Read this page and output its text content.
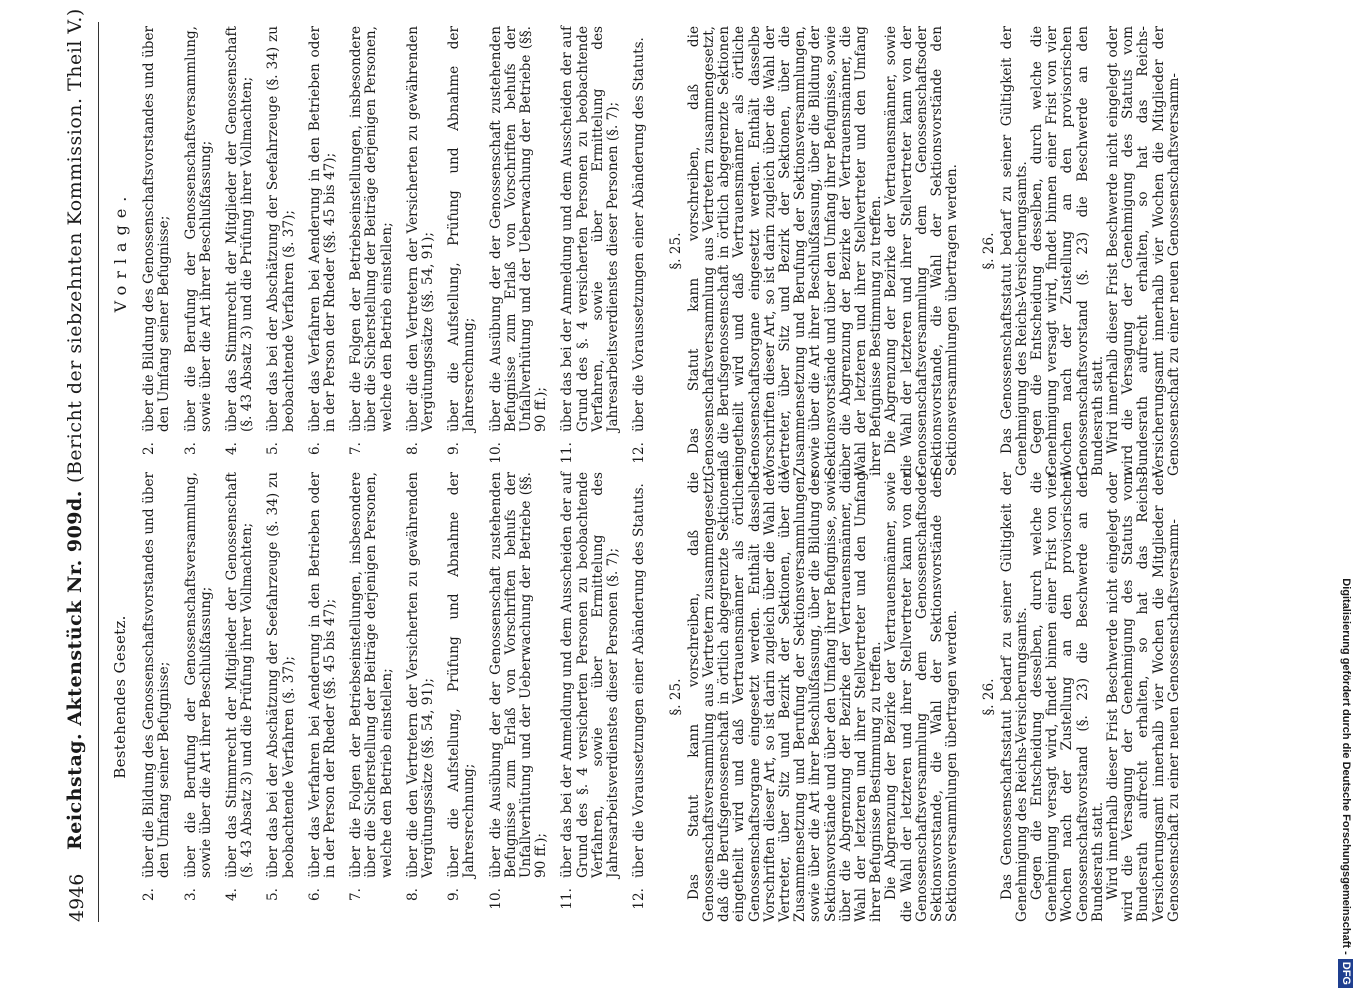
4946
Reichstag. Aktenstück Nr. 909d. (Bericht der siebzehnten Kommission. Theil V.)
Bestehendes Gesetz.
2.
über die Bildung des Genossenschaftsvorstandes und über den Umfang seiner Befugnisse;
3.
über die Berufung der Genossenschaftsversammlung, sowie über die Art ihrer Beschlußfassung;
4.
über das Stimmrecht der Mitglieder der Genossenschaft (§. 43 Absatz 3) und die Prüfung ihrer Vollmachten;
5.
über das bei der Abschätzung der Seefahrzeuge (§. 34) zu beobachtende Verfahren (§. 37);
6.
über das Verfahren bei Aenderung in den Betrieben oder in der Person der Rheder (§§. 45 bis 47);
7.
über die Folgen der Betriebseinstellungen, insbesondere über die Sicherstellung der Beiträge derjenigen Personen, welche den Betrieb einstellen;
8.
über die den Vertretern der Versicherten zu gewährenden Vergütungssätze (§§. 54, 91);
9.
über die Aufstellung, Prüfung und Abnahme der Jahresrechnung;
10.
über die Ausübung der der Genossenschaft zustehenden Befugnisse zum Erlaß von Vorschriften behufs der Unfallverhütung und der Ueberwachung der Betriebe (§§. 90 ff.);
11.
über das bei der Anmeldung und dem Ausscheiden der auf Grund des §. 4 versicherten Personen zu beobachtende Verfahren, sowie über Ermittelung des Jahresarbeitsverdienstes dieser Personen (§. 7);
12.
über die Voraussetzungen einer Abänderung des Statuts. §. 25. Das Statut kann vorschreiben, daß die Genossenschaftsversammlung aus Vertretern zusammengesetzt, daß die Berufsgenossenschaft in örtlich abgegrenzte Sektionen eingetheilt wird und daß Vertrauensmänner als örtliche Genossenschaftsorgane eingesetzt werden. Enthält dasselbe Vorschriften dieser Art, so ist darin zugleich über die Wahl der Vertreter, über Sitz und Bezirk der Sektionen, über die Zusammensetzung und Berufung der Sektionsversammlungen, sowie über die Art ihrer Beschlußfassung, über die Bildung der Sektionsvorstände und über den Umfang ihrer Befugnisse, sowie über die Abgrenzung der Bezirke der Vertrauensmänner, die Wahl der letzteren und ihrer Stellvertreter und den Umfang ihrer Befugnisse Bestimmung zu treffen. Die Abgrenzung der Bezirke der Vertrauensmänner, sowie die Wahl der letzteren und ihrer Stellvertreter kann von der Genossenschaftsversammlung dem Genossenschaftsoder Sektionsvorstande, die Wahl der Sektionsvorstände den Sektionsversammlungen übertragen werden. §. 26. Das Genossenschaftsstatut bedarf zu seiner Gültigkeit der Genehmigung des Reichs-Versicherungsamts. Gegen die Entscheidung desselben, durch welche die Genehmigung versagt wird, findet binnen einer Frist von vier Wochen nach der Zustellung an den provisorischen Genossenschaftsvorstand (§. 23) die Beschwerde an den Bundesrath statt. Wird innerhalb dieser Frist Beschwerde nicht eingelegt oder wird die Versagung der Genehmigung des Statuts vom Bundesrath aufrecht erhalten, so hat das Reichs-Versicherungsamt innerhalb vier Wochen die Mitglieder der Genossenschaft zu einer neuen Genossenschaftsversamm-

Vorlage.
2.
über die Bildung des Genossenschaftsvorstandes und über den Umfang seiner Befugnisse;
3.
über die Berufung der Genossenschaftsversammlung, sowie über die Art ihrer Beschlußfassung;
4.
über das Stimmrecht der Mitglieder der Genossenschaft (§. 43 Absatz 3) und die Prüfung ihrer Vollmachten;
5.
über das bei der Abschätzung der Seefahrzeuge (§. 34) zu beobachtende Verfahren (§. 37);
6.
über das Verfahren bei Aenderung in den Betrieben oder in der Person der Rheder (§§. 45 bis 47);
7.
über die Folgen der Betriebseinstellungen, insbesondere über die Sicherstellung der Beiträge derjenigen Personen, welche den Betrieb einstellen;
8.
über die den Vertretern der Versicherten zu gewährenden Vergütungssätze (§§. 54, 91);
9.
über die Aufstellung, Prüfung und Abnahme der Jahresrechnung;
10.
über die Ausübung der der Genossenschaft zustehenden Befugnisse zum Erlaß von Vorschriften behufs der Unfallverhütung und der Ueberwachung der Betriebe (§§. 90 ff.);
11.
über das bei der Anmeldung und dem Ausscheiden der auf Grund des §. 4 versicherten Personen zu beobachtende Verfahren, sowie über Ermittelung des Jahresarbeitsverdienstes dieser Personen (§. 7);
12.
über die Voraussetzungen einer Abänderung des Statuts. §. 25. Das Statut kann vorschreiben, daß die Genossenschaftsversammlung aus Vertretern zusammengesetzt, daß die Berufsgenossenschaft in örtlich abgegrenzte Sektionen eingetheilt wird und daß Vertrauensmänner als örtliche Genossenschaftsorgane eingesetzt werden. Enthält dasselbe Vorschriften dieser Art, so ist darin zugleich über die Wahl der Vertreter, über Sitz und Bezirk der Sektionen, über die Zusammensetzung und Berufung der Sektionsversammlungen, sowie über die Art ihrer Beschlußfassung, über die Bildung der Sektionsvorstände und über den Umfang ihrer Befugnisse, sowie über die Abgrenzung der Bezirke der Vertrauensmänner, die Wahl der letzteren und ihrer Stellvertreter und den Umfang ihrer Befugnisse Bestimmung zu treffen. Die Abgrenzung der Bezirke der Vertrauensmänner, sowie die Wahl der letzteren und ihrer Stellvertreter kann von der Genossenschaftsversammlung dem Genossenschaftsoder Sektionsvorstande, die Wahl der Sektionsvorstände den Sektionsversammlungen übertragen werden. §. 26. Das Genossenschaftsstatut bedarf zu seiner Gültigkeit der Genehmigung des Reichs-Versicherungsamts. Gegen die Entscheidung desselben, durch welche die Genehmigung versagt wird, findet binnen einer Frist von vier Wochen nach der Zustellung an den provisorischen Genossenschaftsvorstand (§. 23) die Beschwerde an den Bundesrath statt. Wird innerhalb dieser Frist Beschwerde nicht eingelegt oder wird die Versagung der Genehmigung des Statuts vom Bundesrath aufrecht erhalten, so hat das Reichs-Versicherungsamt innerhalb vier Wochen die Mitglieder der Genossenschaft zu einer neuen Genossenschaftsversamm-

Digitalisierung gefördert durch die Deutsche Forschungsgemeinschaft -DFG
